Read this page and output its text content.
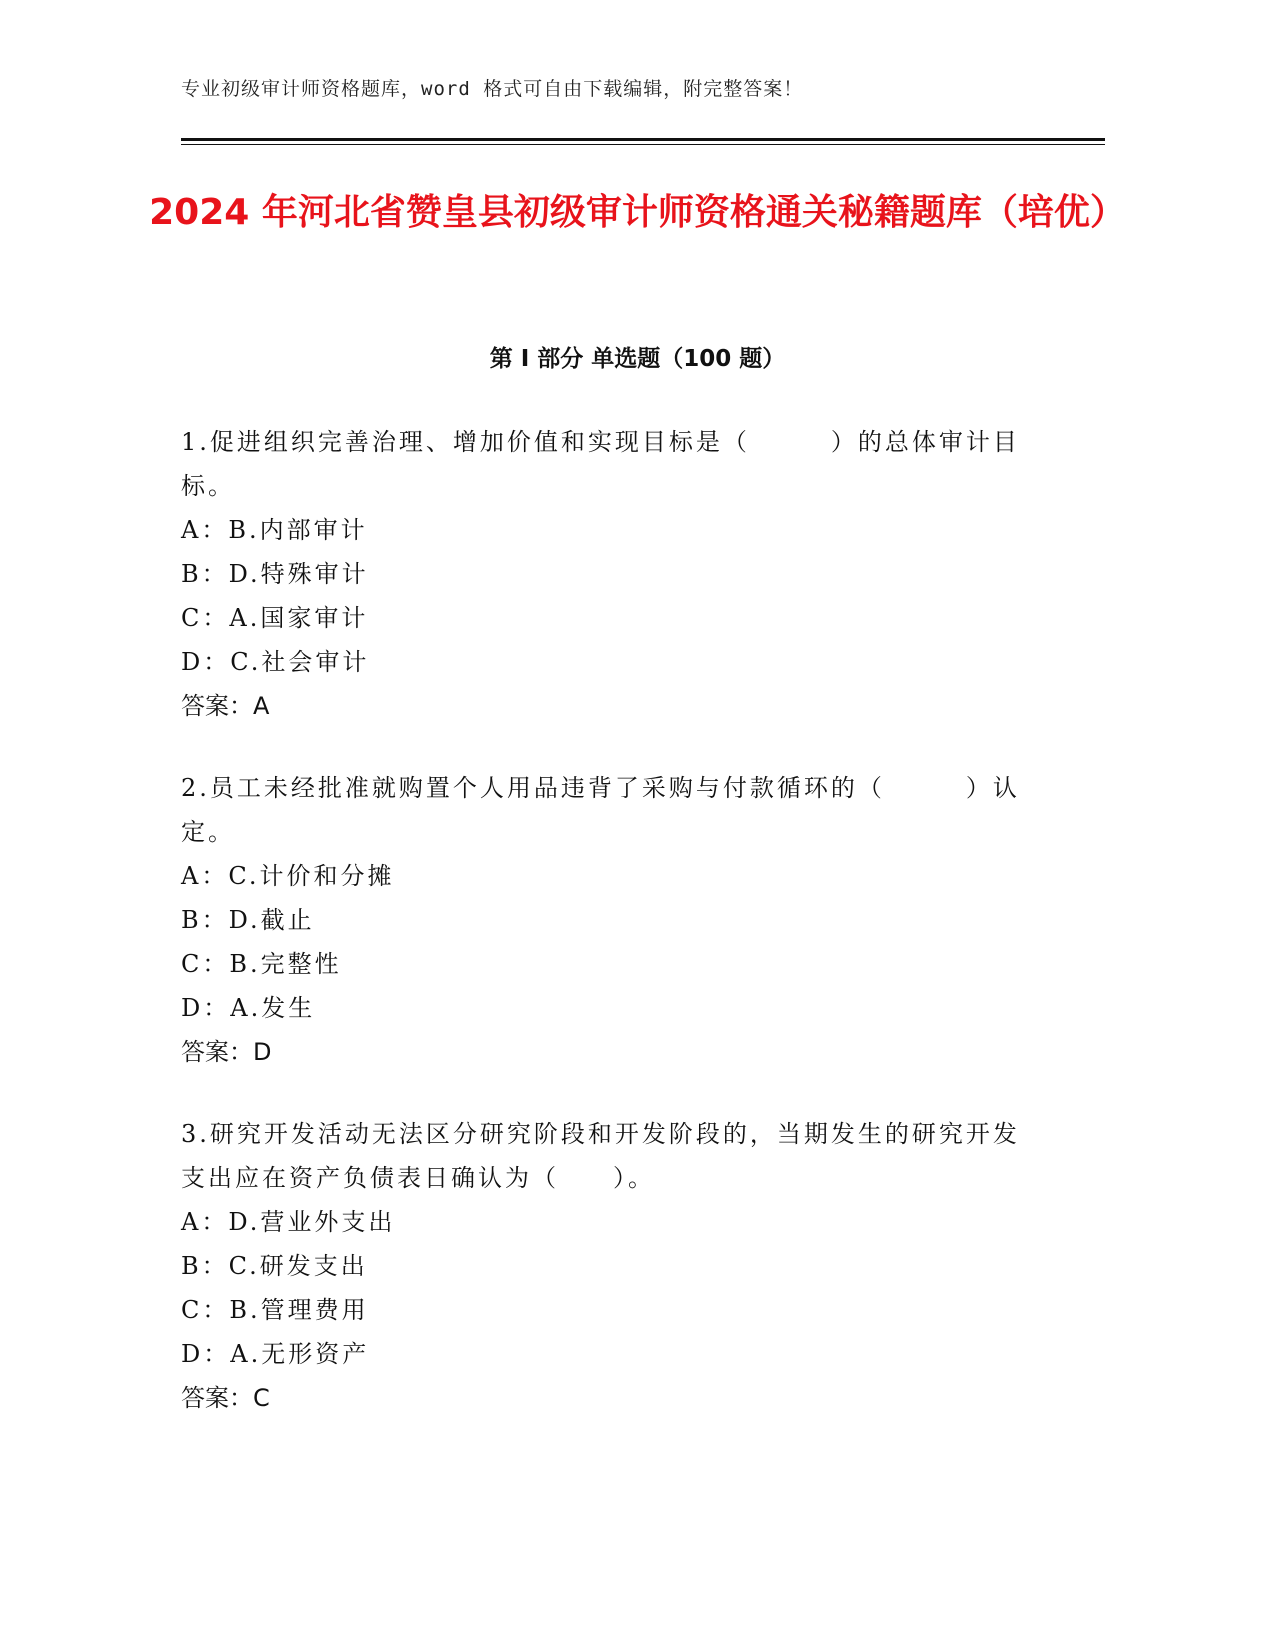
专业初级审计师资格题库，word 格式可自由下载编辑，附完整答案！
2024 年河北省赞皇县初级审计师资格通关秘籍题库（培优）
第 I 部分 单选题（100 题）

1.促进组织完善治理、增加价值和实现目标是（　　　）的总体审计目标。

A：B.内部审计

B：D.特殊审计

C：A.国家审计

D：C.社会审计

答案：A

2.员工未经批准就购置个人用品违背了采购与付款循环的（　　　）认定。

A：C.计价和分摊

B：D.截止

C：B.完整性

D：A.发生

答案：D

3.研究开发活动无法区分研究阶段和开发阶段的，当期发生的研究开发支出应在资产负债表日确认为（　　）。

A：D.营业外支出

B：C.研发支出

C：B.管理费用

D：A.无形资产

答案：C
